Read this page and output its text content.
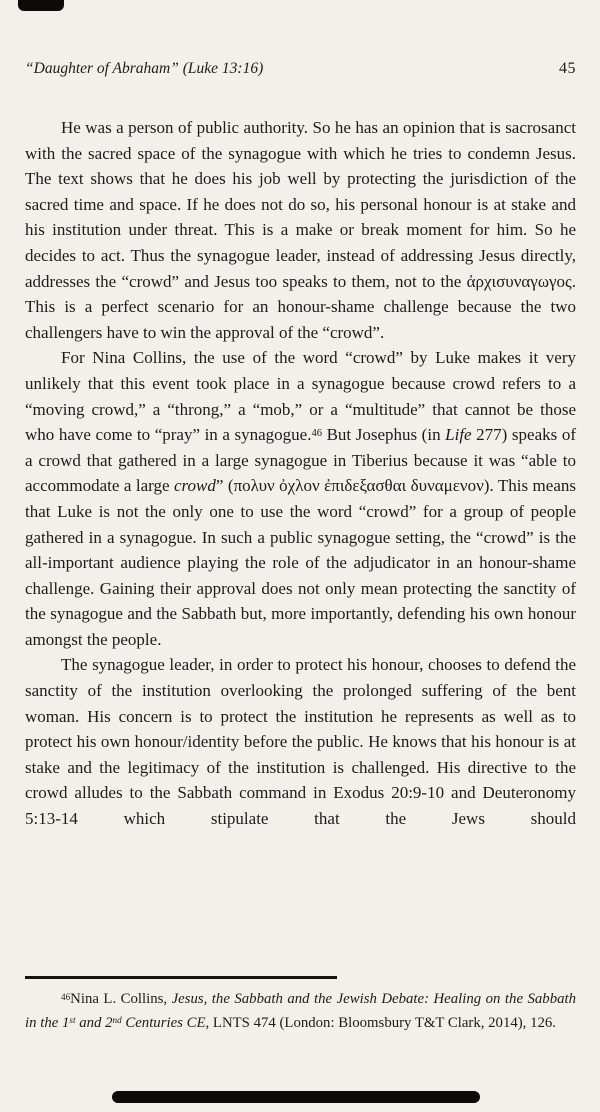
“Daughter of Abraham” (Luke 13:16)	45

He was a person of public authority. So he has an opinion that is sacrosanct with the sacred space of the synagogue with which he tries to condemn Jesus. The text shows that he does his job well by protecting the jurisdiction of the sacred time and space. If he does not do so, his personal honour is at stake and his institution under threat. This is a make or break moment for him. So he decides to act. Thus the synagogue leader, instead of addressing Jesus directly, addresses the “crowd” and Jesus too speaks to them, not to the ἀρχισυναγωγος. This is a perfect scenario for an honour-shame challenge because the two challengers have to win the approval of the “crowd”.

For Nina Collins, the use of the word “crowd” by Luke makes it very unlikely that this event took place in a synagogue because crowd refers to a “moving crowd,” a “throng,” a “mob,” or a “multitude” that cannot be those who have come to “pray” in a synagogue.$^{46}$ But Josephus (in Life 277) speaks of a crowd that gathered in a large synagogue in Tiberius because it was “able to accommodate a large crowd” (πολυν ὀχλον ἐπιδεξασθαι δυναμενον). This means that Luke is not the only one to use the word “crowd” for a group of people gathered in a synagogue. In such a public synagogue setting, the “crowd” is the all-important audience playing the role of the adjudicator in an honour-shame challenge. Gaining their approval does not only mean protecting the sanctity of the synagogue and the Sabbath but, more importantly, defending his own honour amongst the people.

The synagogue leader, in order to protect his honour, chooses to defend the sanctity of the institution overlooking the prolonged suffering of the bent woman. His concern is to protect the institution he represents as well as to protect his own honour/identity before the public. He knows that his honour is at stake and the legitimacy of the institution is challenged. His directive to the crowd alludes to the Sabbath command in Exodus 20:9-10 and Deuteronomy 5:13-14 which stipulate that the Jews should

$^{46}$Nina L. Collins, Jesus, the Sabbath and the Jewish Debate: Healing on the Sabbath in the 1st and 2nd Centuries CE, LNTS 474 (London: Bloomsbury T&T Clark, 2014), 126.
